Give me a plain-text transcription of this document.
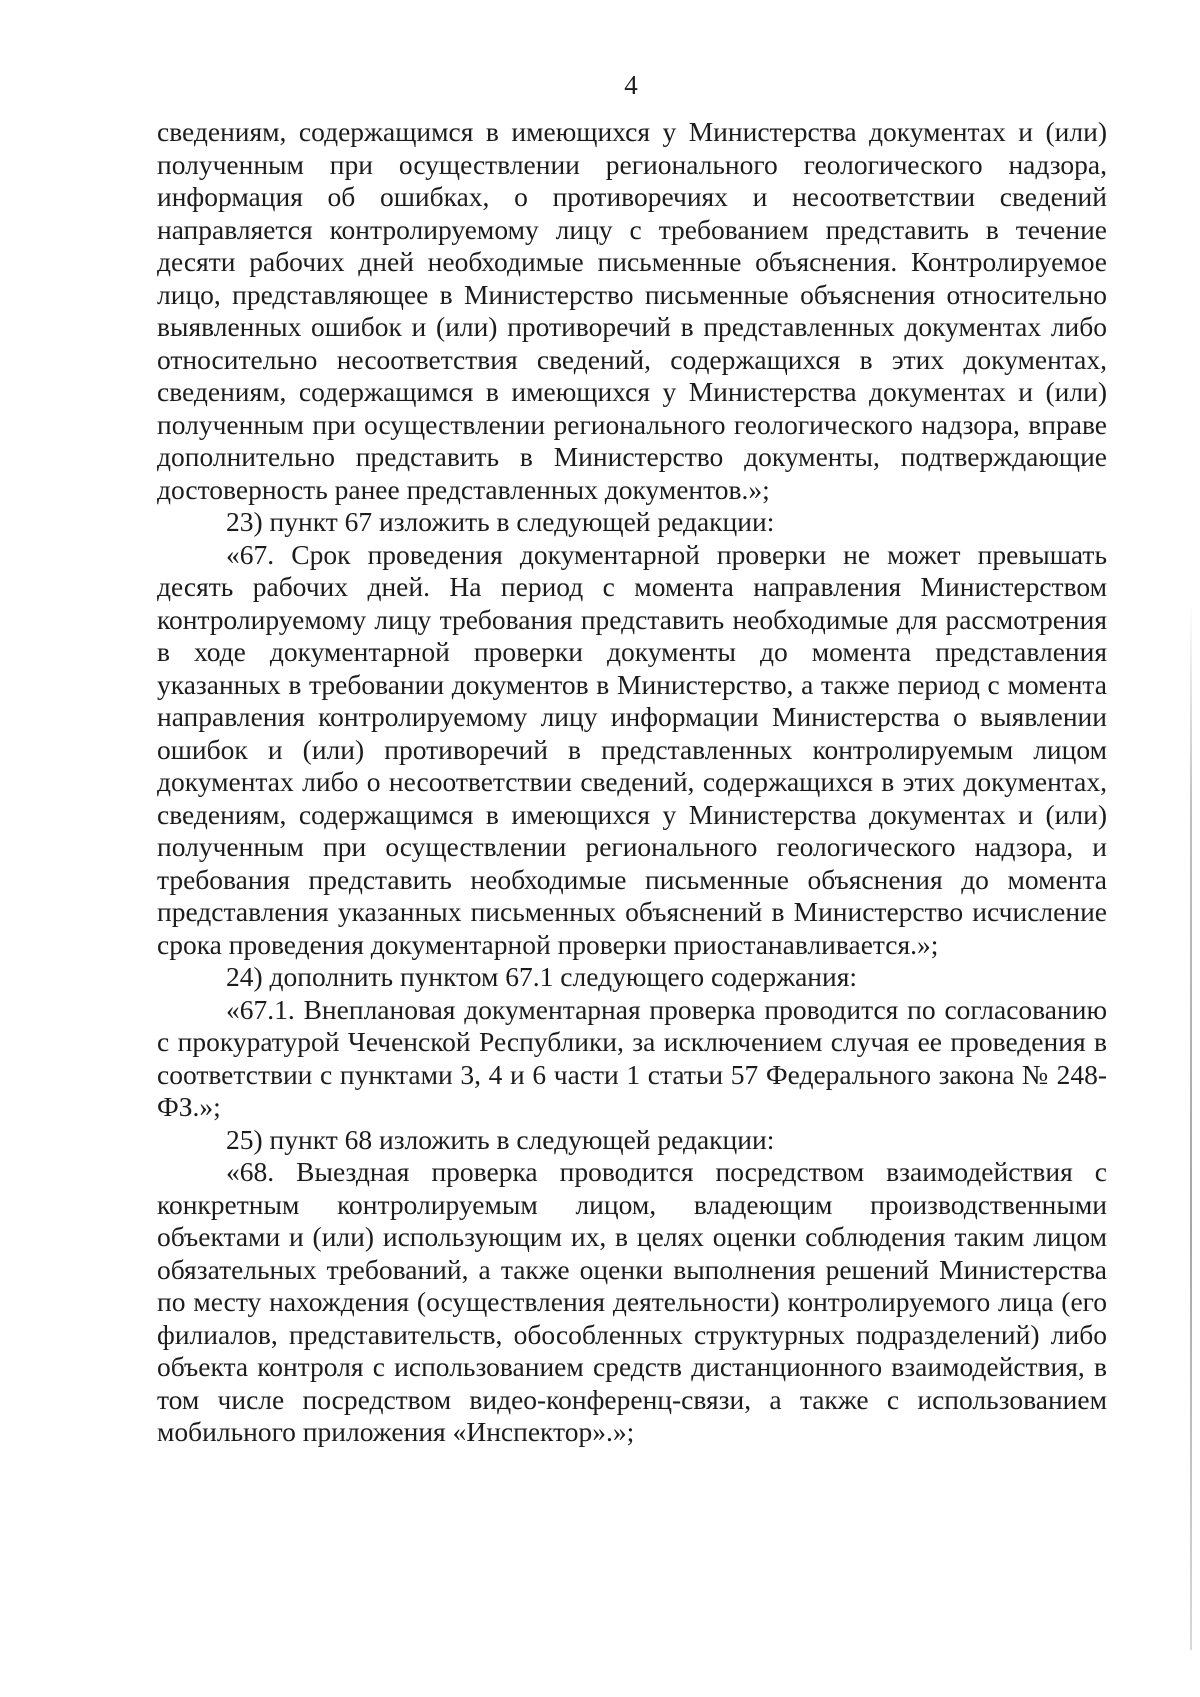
4

сведениям, содержащимся в имеющихся у Министерства документах и (или) полученным при осуществлении регионального геологического надзора, информация об ошибках, о противоречиях и несоответствии сведений направляется контролируемому лицу с требованием представить в течение десяти рабочих дней необходимые письменные объяснения. Контролируемое лицо, представляющее в Министерство письменные объяснения относительно выявленных ошибок и (или) противоречий в представленных документах либо относительно несоответствия сведений, содержащихся в этих документах, сведениям, содержащимся в имеющихся у Министерства документах и (или) полученным при осуществлении регионального геологического надзора, вправе дополнительно представить в Министерство документы, подтверждающие достоверность ранее представленных документов.»;

23) пункт 67 изложить в следующей редакции:

«67. Срок проведения документарной проверки не может превышать десять рабочих дней. На период с момента направления Министерством контролируемому лицу требования представить необходимые для рассмотрения в ходе документарной проверки документы до момента представления указанных в требовании документов в Министерство, а также период с момента направления контролируемому лицу информации Министерства о выявлении ошибок и (или) противоречий в представленных контролируемым лицом документах либо о несоответствии сведений, содержащихся в этих документах, сведениям, содержащимся в имеющихся у Министерства документах и (или) полученным при осуществлении регионального геологического надзора, и требования представить необходимые письменные объяснения до момента представления указанных письменных объяснений в Министерство исчисление срока проведения документарной проверки приостанавливается.»;

24) дополнить пунктом 67.1 следующего содержания:

«67.1. Внеплановая документарная проверка проводится по согласованию с прокуратурой Чеченской Республики, за исключением случая ее проведения в соответствии с пунктами 3, 4 и 6 части 1 статьи 57 Федерального закона № 248-ФЗ.»;

25) пункт 68 изложить в следующей редакции:

«68. Выездная проверка проводится посредством взаимодействия с конкретным контролируемым лицом, владеющим производственными объектами и (или) использующим их, в целях оценки соблюдения таким лицом обязательных требований, а также оценки выполнения решений Министерства по месту нахождения (осуществления деятельности) контролируемого лица (его филиалов, представительств, обособленных структурных подразделений) либо объекта контроля с использованием средств дистанционного взаимодействия, в том числе посредством видео-конференц-связи, а также с использованием мобильного приложения «Инспектор».»;
